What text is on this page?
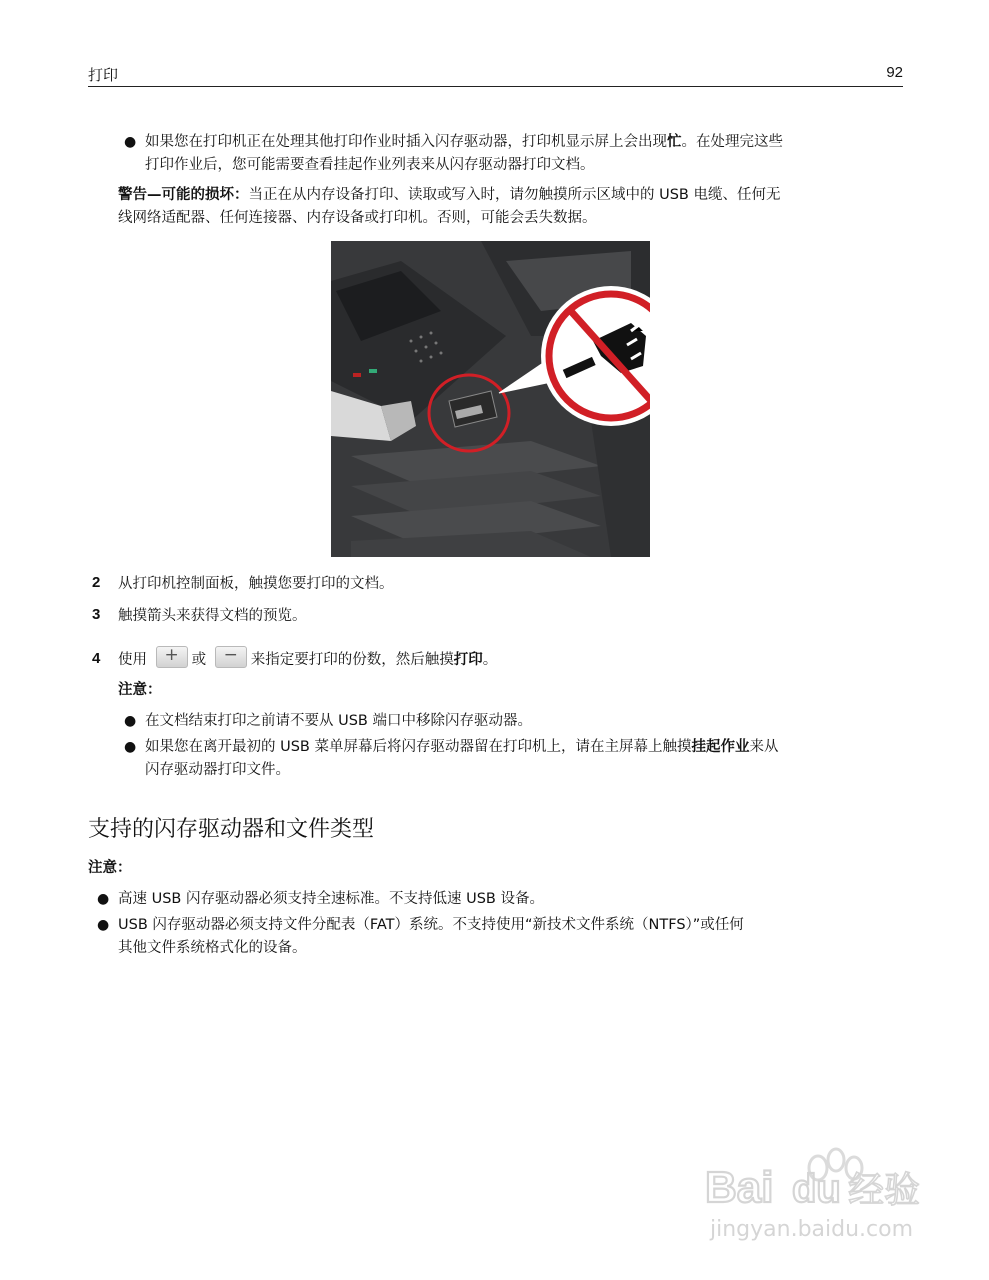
打印	92
● 如果您在打印机正在处理其他打印作业时插入闪存驱动器，打印机显示屏上会出现忙。在处理完这些
打印作业后，您可能需要查看挂起作业列表来从闪存驱动器打印文档。
警告—可能的损坏：当正在从内存设备打印、读取或写入时，请勿触摸所示区域中的 USB 电缆、任何无
线网络适配器、任何连接器、内存设备或打印机。否则，可能会丢失数据。
2 从打印机控制面板，触摸您要打印的文档。
3 触摸箭头来获得文档的预览。
4 使用	+ 或	− 来指定要打印的份数，然后触摸打印。
注意：
● 在文档结束打印之前请不要从 USB 端口中移除闪存驱动器。
● 如果您在离开最初的 USB 菜单屏幕后将闪存驱动器留在打印机上，请在主屏幕上触摸挂起作业来从
闪存驱动器打印文件。
支持的闪存驱动器和文件类型
注意：
● 高速 USB 闪存驱动器必须支持全速标准。不支持低速 USB 设备。
● USB 闪存驱动器必须支持文件分配表（FAT）系统。不支持使用“新技术文件系统（NTFS）”或任何
其他文件系统格式化的设备。
Bai du 经验
jingyan.baidu.com
